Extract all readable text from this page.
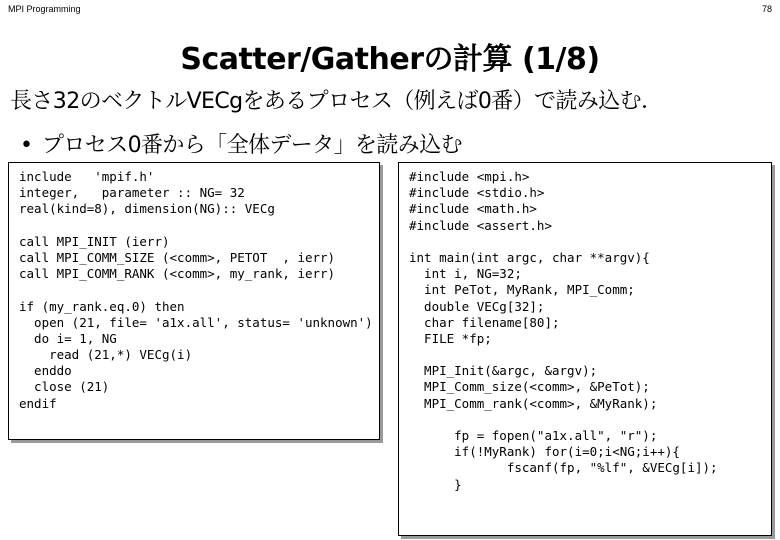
MPI Programming	78
Scatter/Gatherの計算 (1/8)
長さ32のベクトルVECgをあるプロセス（例えば0番）で読み込む．
• プロセス0番から「全体データ」を読み込む
include   'mpif.h'
integer,   parameter :: NG= 32
real(kind=8), dimension(NG):: VECg
call MPI_INIT (ierr)
call MPI_COMM_SIZE (<comm>, PETOT  , ierr)
call MPI_COMM_RANK (<comm>, my_rank, ierr)
if (my_rank.eq.0) then
open (21, file= 'a1x.all', status= 'unknown')
do i= 1, NG
read (21,*) VECg(i)
enddo
close (21)
endif
#include <mpi.h>
#include <stdio.h>
#include <math.h>
#include <assert.h>
int main(int argc, char **argv){
int i, NG=32;
int PeTot, MyRank, MPI_Comm;
double VECg[32];
char filename[80];
FILE *fp;
MPI_Init(&argc, &argv);
MPI_Comm_size(<comm>, &PeTot);
MPI_Comm_rank(<comm>, &MyRank);
fp = fopen("a1x.all", "r");
if(!MyRank) for(i=0;i<NG;i++){
fscanf(fp, "%lf", &VECg[i]);
}
